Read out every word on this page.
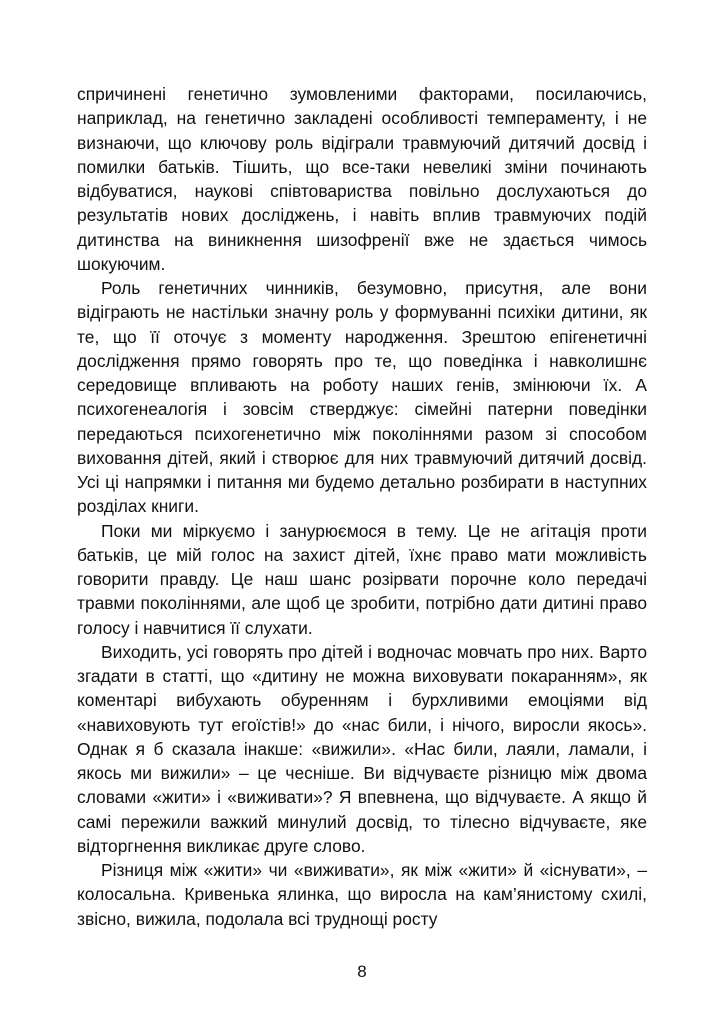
спричинені генетично зумовленими факторами, посилаючись, наприклад, на генетично закладені особливості темпераменту, і не визнаючи, що ключову роль відіграли травмуючий дитячий досвід і помилки батьків. Тішить, що все-таки невеликі зміни починають відбуватися, наукові співтовариства повільно дослухаються до результатів нових досліджень, і навіть вплив травмуючих подій дитинства на виникнення шизофренії вже не здається чимось шокуючим.

Роль генетичних чинників, безумовно, присутня, але вони відіграють не настільки значну роль у формуванні психіки дитини, як те, що її оточує з моменту народження. Зрештою епігенетичні дослідження прямо говорять про те, що поведінка і навколишнє середовище впливають на роботу наших генів, змінюючи їх. А психогенеалогія і зовсім стверджує: сімейні патерни поведінки передаються психогенетично між поколіннями разом зі способом виховання дітей, який і створює для них травмуючий дитячий досвід. Усі ці напрямки і питання ми будемо детально розбирати в наступних розділах книги.

Поки ми міркуємо і занурюємося в тему. Це не агітація проти батьків, це мій голос на захист дітей, їхнє право мати можливість говорити правду. Це наш шанс розірвати порочне коло передачі травми поколіннями, але щоб це зробити, потрібно дати дитині право голосу і навчитися її слухати.

Виходить, усі говорять про дітей і водночас мовчать про них. Варто згадати в статті, що «дитину не можна виховувати покаранням», як коментарі вибухають обуренням і бурхливими емоціями від «навиховують тут егоїстів!» до «нас били, і нічого, виросли якось». Однак я б сказала інакше: «вижили». «Нас били, лаяли, ламали, і якось ми вижили» – це чесніше. Ви відчуваєте різницю між двома словами «жити» і «виживати»? Я впевнена, що відчуваєте. А якщо й самі пережили важкий минулий досвід, то тілесно відчуваєте, яке відторгнення викликає друге слово.

Різниця між «жити» чи «виживати», як між «жити» й «існувати», – колосальна. Кривенька ялинка, що виросла на кам’янистому схилі, звісно, вижила, подолала всі труднощі росту

8
